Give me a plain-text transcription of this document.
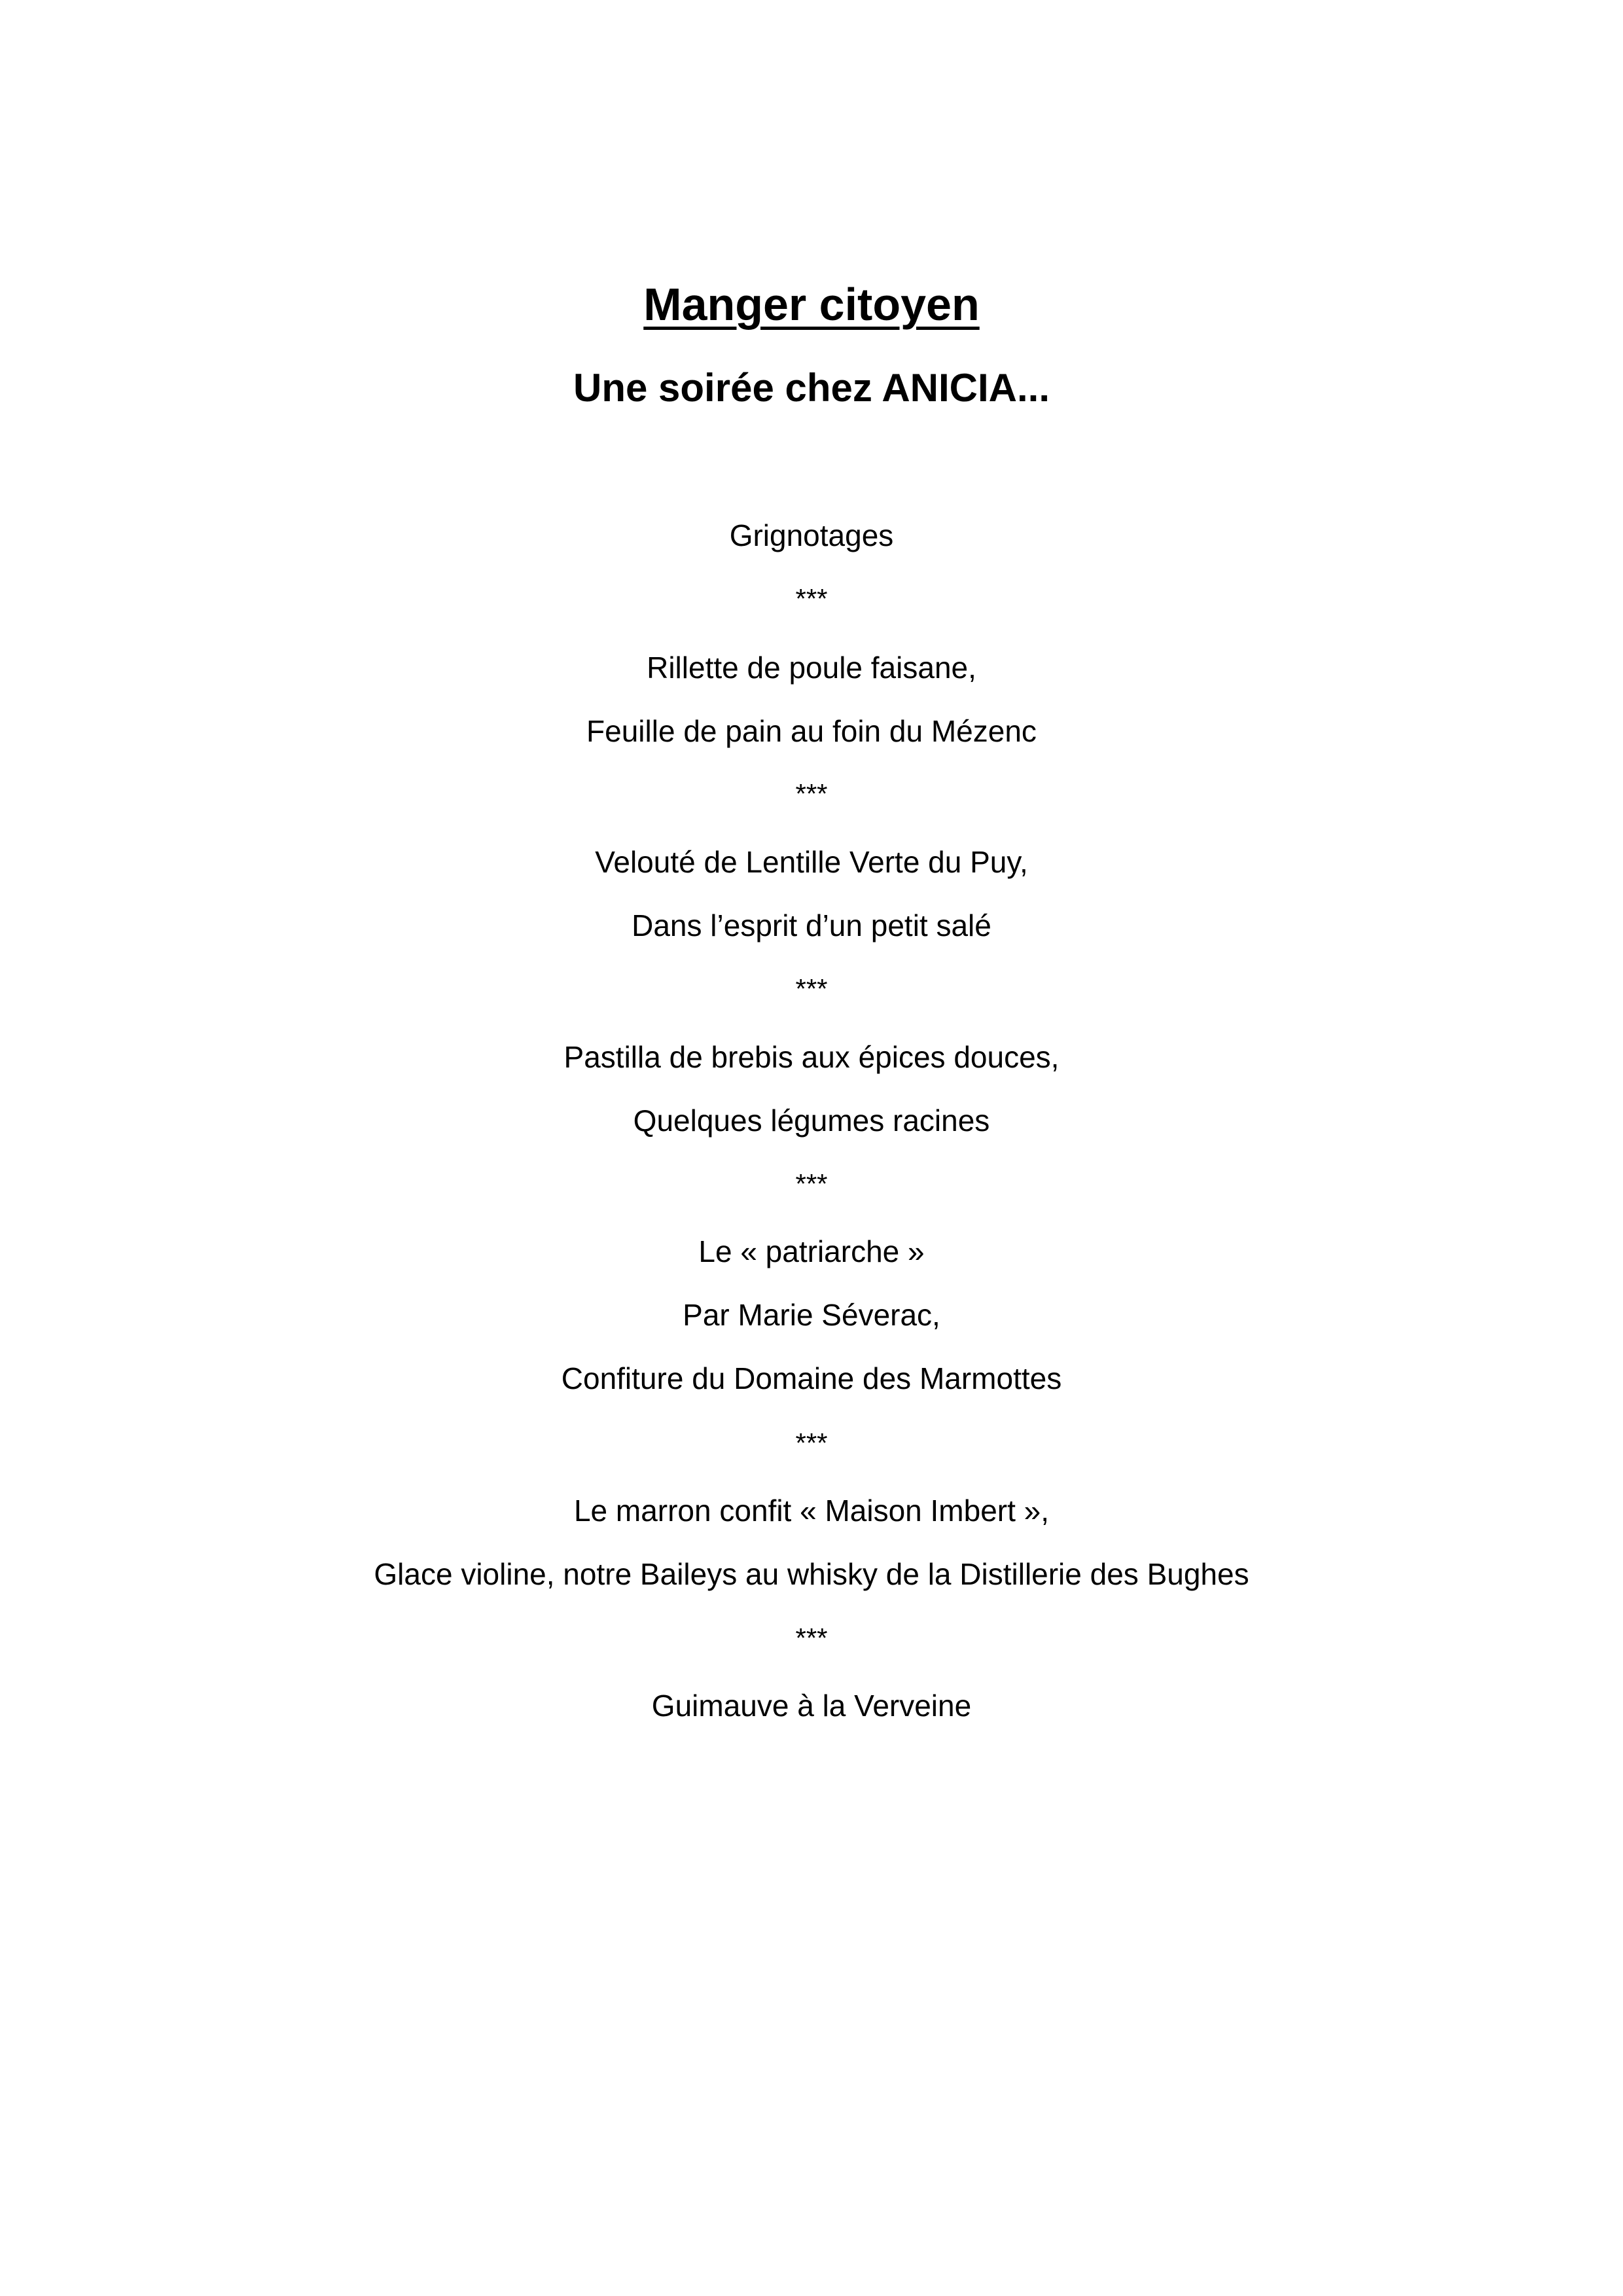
Manger citoyen
Une soirée chez ANICIA...

Grignotages

***

Rillette de poule faisane,

Feuille de pain au foin du Mézenc

***

Velouté de Lentille Verte du Puy,

Dans l’esprit d’un petit salé

***

Pastilla de brebis aux épices douces,

Quelques légumes racines

***

Le « patriarche »

Par Marie Séverac,

Confiture du Domaine des Marmottes

***

Le marron confit « Maison Imbert »,

Glace violine, notre Baileys au whisky de la Distillerie des Bughes

***

Guimauve à la Verveine
